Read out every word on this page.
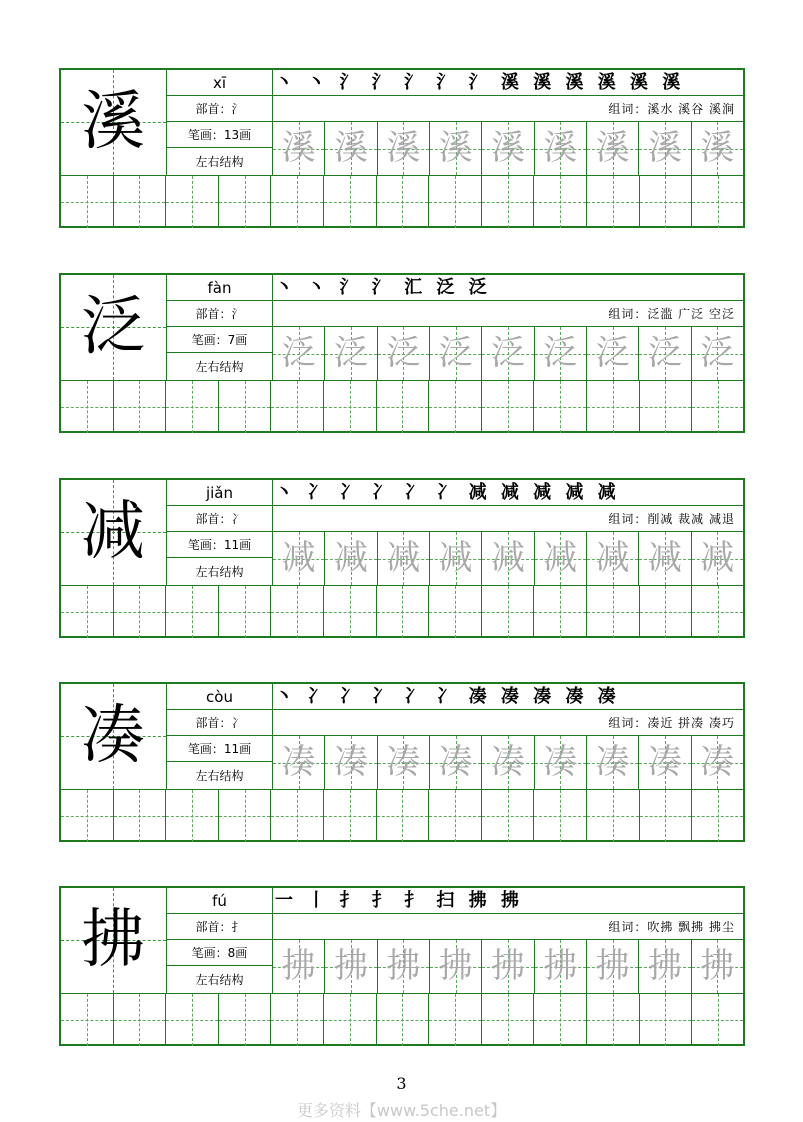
溪
xī
部首：氵
笔画：13画
左右结构
丶 丶 氵 氵 氵 氵 氵 溪 溪 溪 溪 溪 溪
组词：溪水 溪谷 溪涧
溪 溪 溪 溪 溪 溪 溪 溪 溪
泛
fàn
部首：氵
笔画：7画
左右结构
丶 丶 氵 氵 汇 泛 泛
组词：泛滥 广泛 空泛
泛 泛 泛 泛 泛 泛 泛 泛 泛
减
jiǎn
部首：冫
笔画：11画
左右结构
丶 冫 冫 冫 冫 冫 减 减 减 减 减
组词：削减 裁减 减退
减 减 减 减 减 减 减 减 减
凑
còu
部首：冫
笔画：11画
左右结构
丶 冫 冫 冫 冫 冫 凑 凑 凑 凑 凑
组词：凑近 拼凑 凑巧
凑 凑 凑 凑 凑 凑 凑 凑 凑
拂
fú
部首：扌
笔画：8画
左右结构
一 丨 扌 扌 扌 扫 拂 拂
组词：吹拂 飘拂 拂尘
拂 拂 拂 拂 拂 拂 拂 拂 拂
3
更多资料【www.5che.net】
